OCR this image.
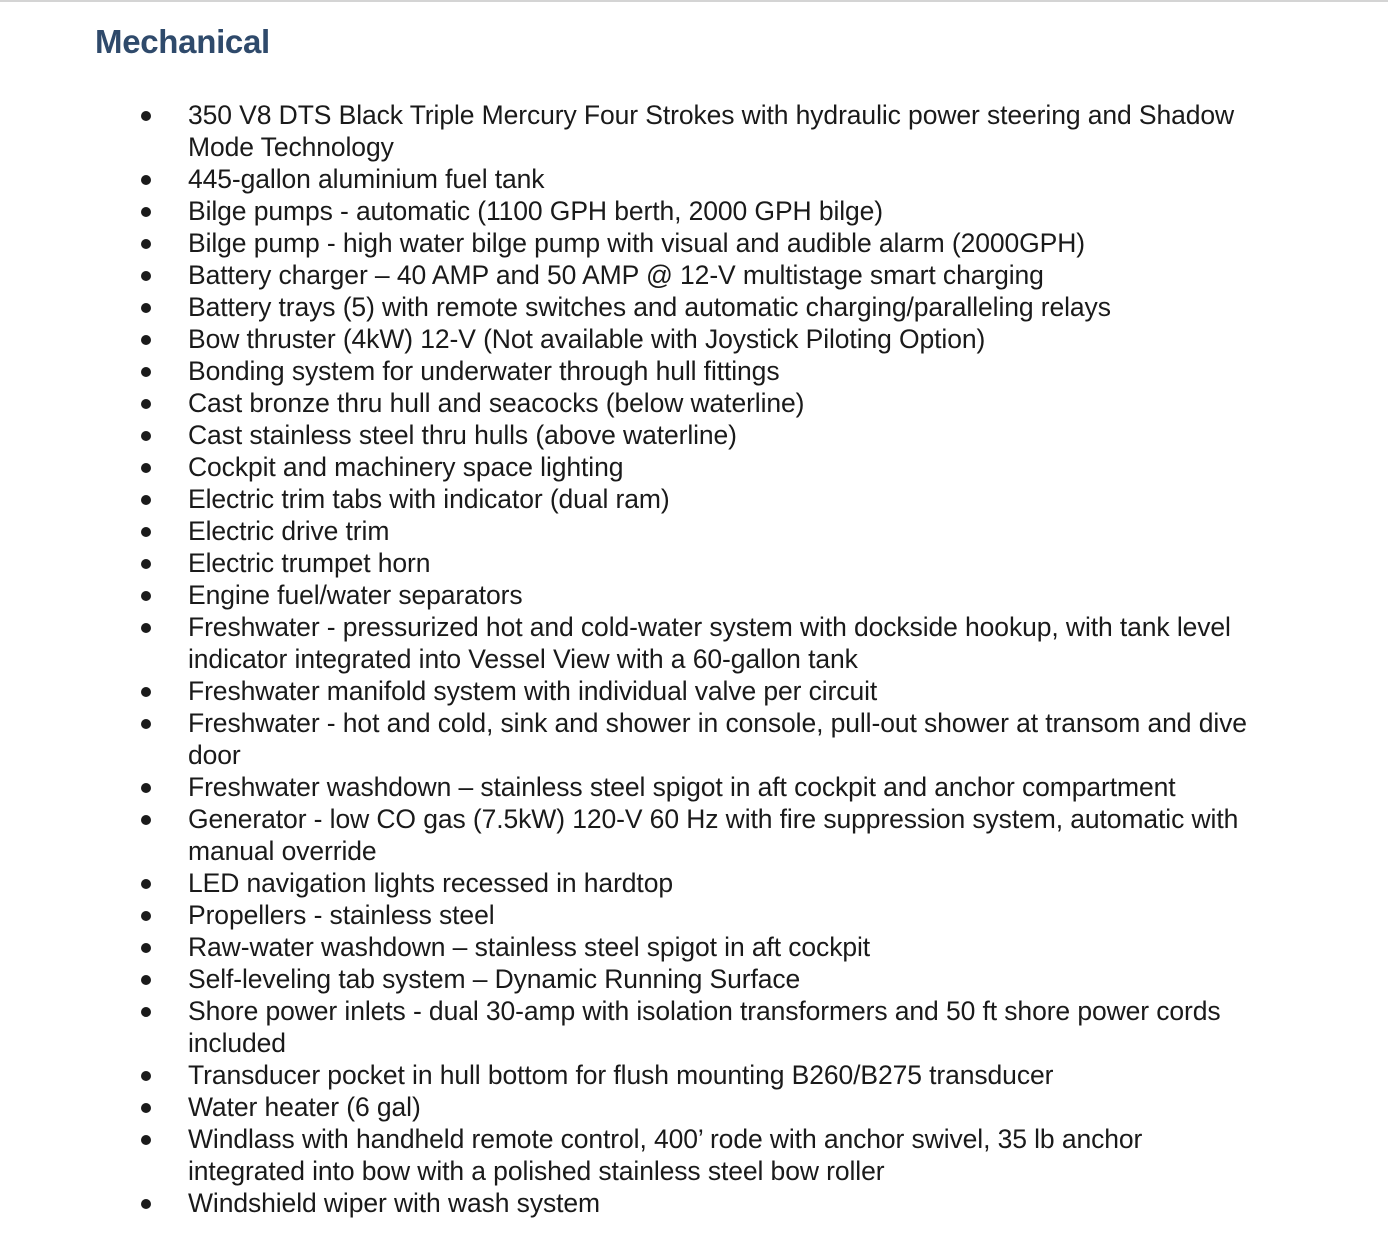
Mechanical
350 V8 DTS Black Triple Mercury Four Strokes with hydraulic power steering and Shadow Mode Technology
445-gallon aluminium fuel tank
Bilge pumps - automatic (1100 GPH berth, 2000 GPH bilge)
Bilge pump - high water bilge pump with visual and audible alarm (2000GPH)
Battery charger – 40 AMP and 50 AMP @ 12-V multistage smart charging
Battery trays (5) with remote switches and automatic charging/paralleling relays
Bow thruster (4kW) 12-V (Not available with Joystick Piloting Option)
Bonding system for underwater through hull fittings
Cast bronze thru hull and seacocks (below waterline)
Cast stainless steel thru hulls (above waterline)
Cockpit and machinery space lighting
Electric trim tabs with indicator (dual ram)
Electric drive trim
Electric trumpet horn
Engine fuel/water separators
Freshwater - pressurized hot and cold-water system with dockside hookup, with tank level indicator integrated into Vessel View with a 60-gallon tank
Freshwater manifold system with individual valve per circuit
Freshwater - hot and cold, sink and shower in console, pull-out shower at transom and dive door
Freshwater washdown – stainless steel spigot in aft cockpit and anchor compartment
Generator - low CO gas (7.5kW) 120-V 60 Hz with fire suppression system, automatic with manual override
LED navigation lights recessed in hardtop
Propellers - stainless steel
Raw-water washdown – stainless steel spigot in aft cockpit
Self-leveling tab system – Dynamic Running Surface
Shore power inlets - dual 30-amp with isolation transformers and 50 ft shore power cords included
Transducer pocket in hull bottom for flush mounting B260/B275 transducer
Water heater (6 gal)
Windlass with handheld remote control, 400’ rode with anchor swivel, 35 lb anchor integrated into bow with a polished stainless steel bow roller
Windshield wiper with wash system
